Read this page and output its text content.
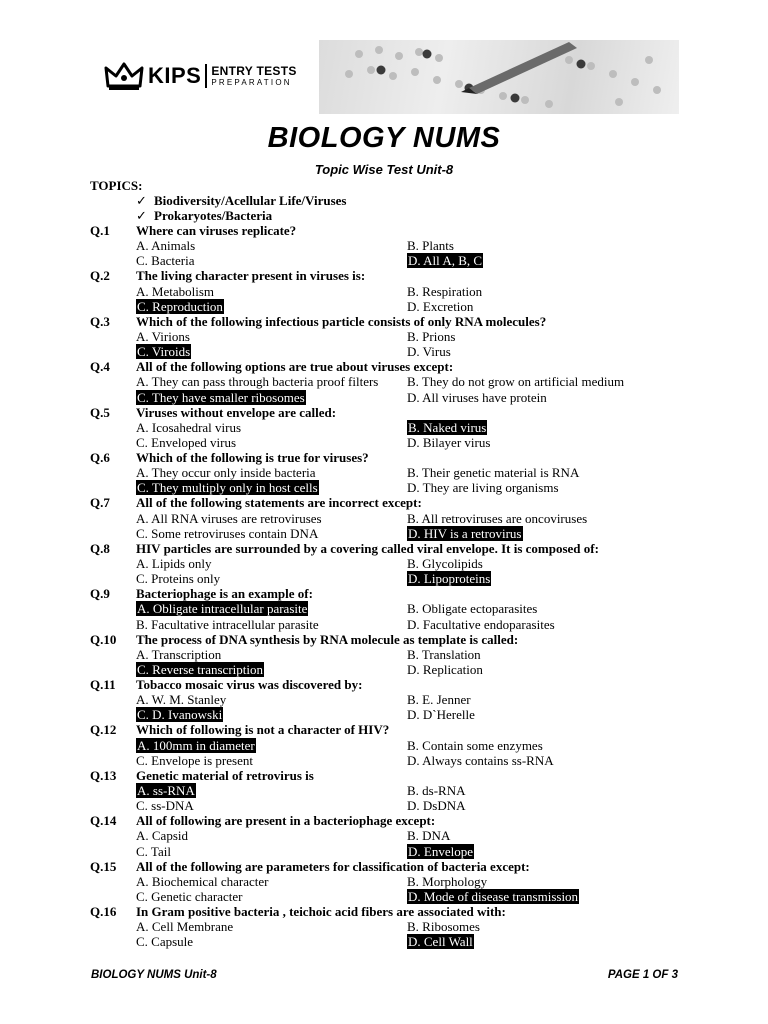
KIPS ENTRY TESTS
PREPARATION
BIOLOGY NUMS
Topic Wise Test Unit-8
TOPICS:
✓ Biodiversity/Acellular Life/Viruses
✓ Prokaryotes/Bacteria
Q.1 Where can viruses replicate?
A. Animals	B. Plants
C. Bacteria	D. All A, B, C
Q.2 The living character present in viruses is:
A. Metabolism	B. Respiration
C. Reproduction	D. Excretion
Q.3 Which of the following infectious particle consists of only RNA molecules?
A. Virions	B. Prions
C. Viroids	D. Virus
Q.4 All of the following options are true about viruses except:
A. They can pass through bacteria proof filters B. They do not grow on artificial medium
C. They have smaller ribosomes	D. All viruses have protein
Q.5 Viruses without envelope are called:
A. Icosahedral virus	B. Naked virus
C. Enveloped virus	D. Bilayer virus
Q.6 Which of the following is true for viruses?
A. They occur only inside bacteria	B. Their genetic material is RNA
C. They multiply only in host cells	D. They are living organisms
Q.7 All of the following statements are incorrect except:
A. All RNA viruses are retroviruses	B. All retroviruses are oncoviruses
C. Some retroviruses contain DNA	D. HIV is a retrovirus
Q.8 HIV particles are surrounded by a covering called viral envelope. It is composed of:
A. Lipids only	B. Glycolipids
C. Proteins only	D. Lipoproteins
Q.9 Bacteriophage is an example of:
A. Obligate intracellular parasite	B. Obligate ectoparasites
B. Facultative intracellular parasite	D. Facultative endoparasites
Q.10 The process of DNA synthesis by RNA molecule as template is called:
A. Transcription	B. Translation
C. Reverse transcription	D. Replication
Q.11 Tobacco mosaic virus was discovered by:
A. W. M. Stanley	B. E. Jenner
C. D. Ivanowski	D. D`Herelle
Q.12 Which of following is not a character of HIV?
A. 100mm in diameter	B. Contain some enzymes
C. Envelope is present	D. Always contains ss-RNA
Q.13 Genetic material of retrovirus is
A. ss-RNA	B. ds-RNA
C. ss-DNA	D. DsDNA
Q.14 All of following are present in a bacteriophage except:
A. Capsid	B. DNA
C. Tail	D. Envelope
Q.15 All of the following are parameters for classification of bacteria except:
A. Biochemical character	B. Morphology
C. Genetic character	D. Mode of disease transmission
Q.16 In Gram positive bacteria , teichoic acid fibers are associated with:
A. Cell Membrane	B. Ribosomes
C. Capsule	D. Cell Wall
BIOLOGY NUMS Unit-8	PAGE 1 OF 3
